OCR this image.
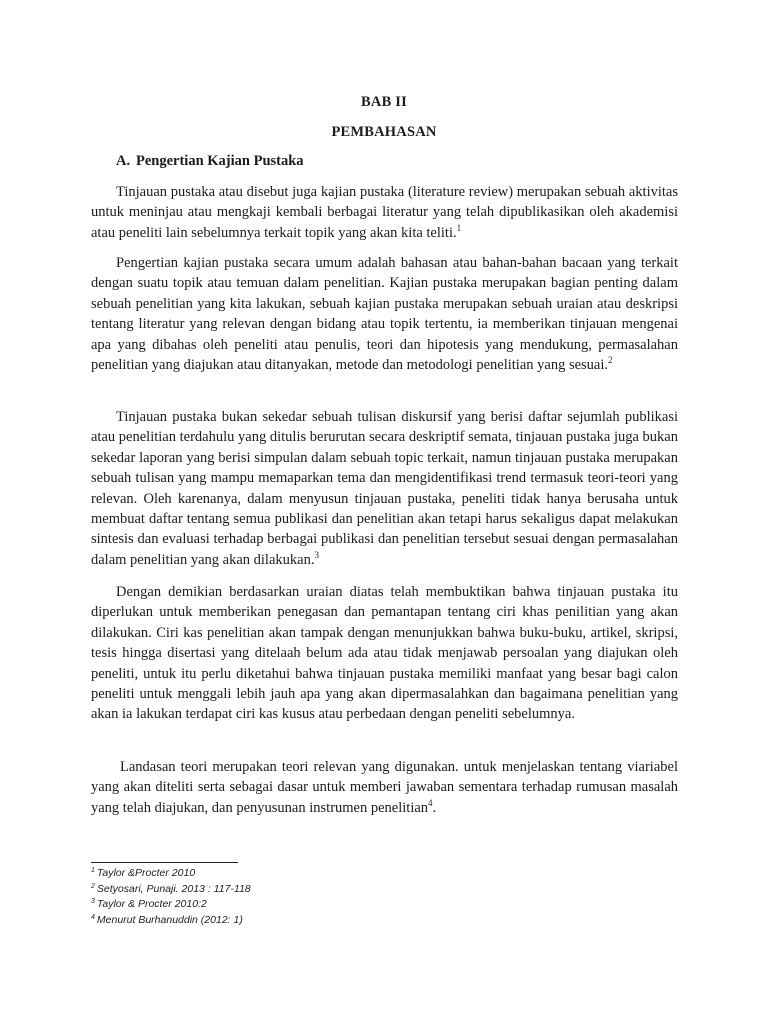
BAB II
PEMBAHASAN
A. Pengertian Kajian Pustaka

Tinjauan pustaka atau disebut juga kajian pustaka (literature review) merupakan sebuah aktivitas untuk meninjau atau mengkaji kembali berbagai literatur yang telah dipublikasikan oleh akademisi atau peneliti lain sebelumnya terkait topik yang akan kita teliti.$^1$

Pengertian kajian pustaka secara umum adalah bahasan atau bahan-bahan bacaan yang terkait dengan suatu topik atau temuan dalam penelitian. Kajian pustaka merupakan bagian penting dalam sebuah penelitian yang kita lakukan, sebuah kajian pustaka merupakan sebuah uraian atau deskripsi tentang literatur yang relevan dengan bidang atau topik tertentu, ia memberikan tinjauan mengenai apa yang dibahas oleh peneliti atau penulis, teori dan hipotesis yang mendukung, permasalahan penelitian yang diajukan atau ditanyakan, metode dan metodologi penelitian yang sesuai.$^2$

Tinjauan pustaka bukan sekedar sebuah tulisan diskursif yang berisi daftar sejumlah publikasi atau penelitian terdahulu yang ditulis berurutan secara deskriptif semata, tinjauan pustaka juga bukan sekedar laporan yang berisi simpulan dalam sebuah topic terkait, namun tinjauan pustaka merupakan sebuah tulisan yang mampu memaparkan tema dan mengidentifikasi trend termasuk teori-teori yang relevan. Oleh karenanya, dalam menyusun tinjauan pustaka, peneliti tidak hanya berusaha untuk membuat daftar tentang semua publikasi dan penelitian akan tetapi harus sekaligus dapat melakukan sintesis dan evaluasi terhadap berbagai publikasi dan penelitian tersebut sesuai dengan permasalahan dalam penelitian yang akan dilakukan.$^3$

Dengan demikian berdasarkan uraian diatas telah membuktikan bahwa tinjauan pustaka itu diperlukan untuk memberikan penegasan dan pemantapan tentang ciri khas penilitian yang akan dilakukan. Ciri kas penelitian akan tampak dengan menunjukkan bahwa buku-buku, artikel, skripsi, tesis hingga disertasi yang ditelaah belum ada atau tidak menjawab persoalan yang diajukan oleh peneliti, untuk itu perlu diketahui bahwa tinjauan pustaka memiliki manfaat yang besar bagi calon peneliti untuk menggali lebih jauh apa yang akan dipermasalahkan dan bagaimana penelitian yang akan ia lakukan terdapat ciri kas kusus atau perbedaan dengan peneliti sebelumnya.

Landasan teori merupakan teori relevan yang digunakan. untuk menjelaskan tentang viariabel yang akan diteliti serta sebagai dasar untuk memberi jawaban sementara terhadap rumusan masalah yang telah diajukan, dan penyusunan instrumen penelitian$^4$.

$^1$ Taylor &Procter 2010
$^2$ Setyosari, Punaji. 2013 : 117-118
$^3$ Taylor & Procter 2010:2
$^4$ Menurut Burhanuddin (2012: 1)
